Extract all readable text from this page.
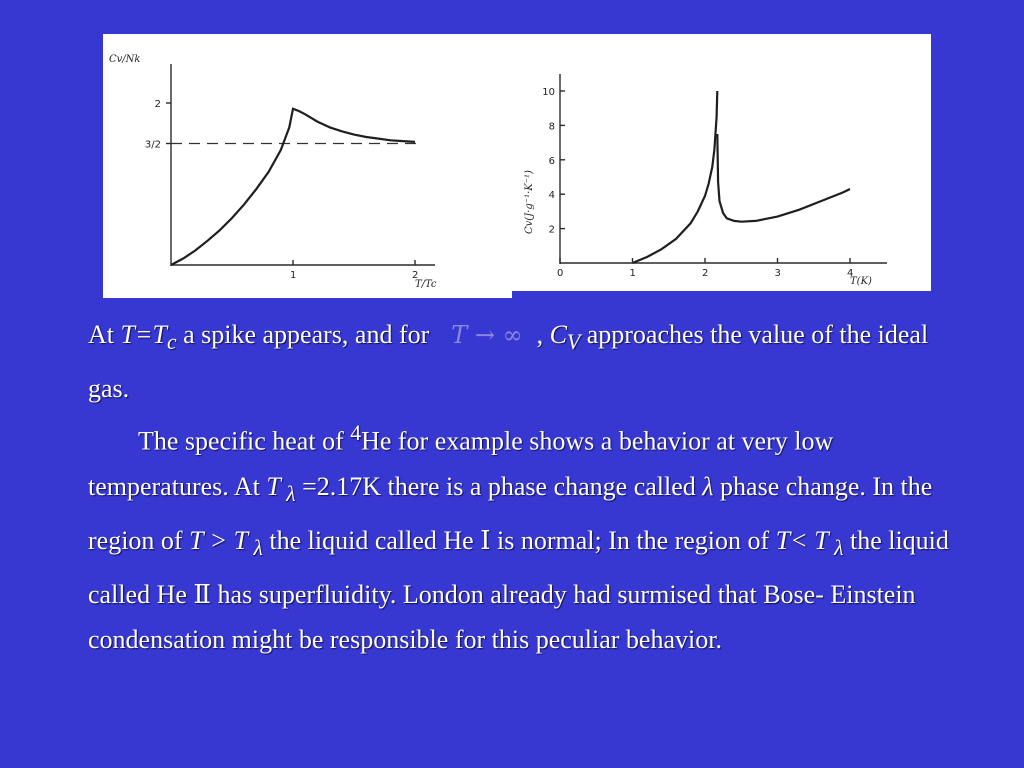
Cv/Nk
T/Tc
1	2
2
3/2
Cv(J·g⁻¹·K⁻¹)
T(K)
0	1	2	3	4
2
4
6
8
10

At $T=T_c$ a spike appears, and for T → ∞ , $C_V$ approaches the value of the ideal gas.

The specific heat of $^4$He for example shows a behavior at very low temperatures. At T $_\lambda$ =2.17K there is a phase change called λ phase change. In the region of T > T $_\lambda$ the liquid called He Ⅰ is normal; In the region of T< T $_\lambda$ the liquid called He Ⅱ has superfluidity. London already had surmised that Bose- Einstein condensation might be responsible for this peculiar behavior.
